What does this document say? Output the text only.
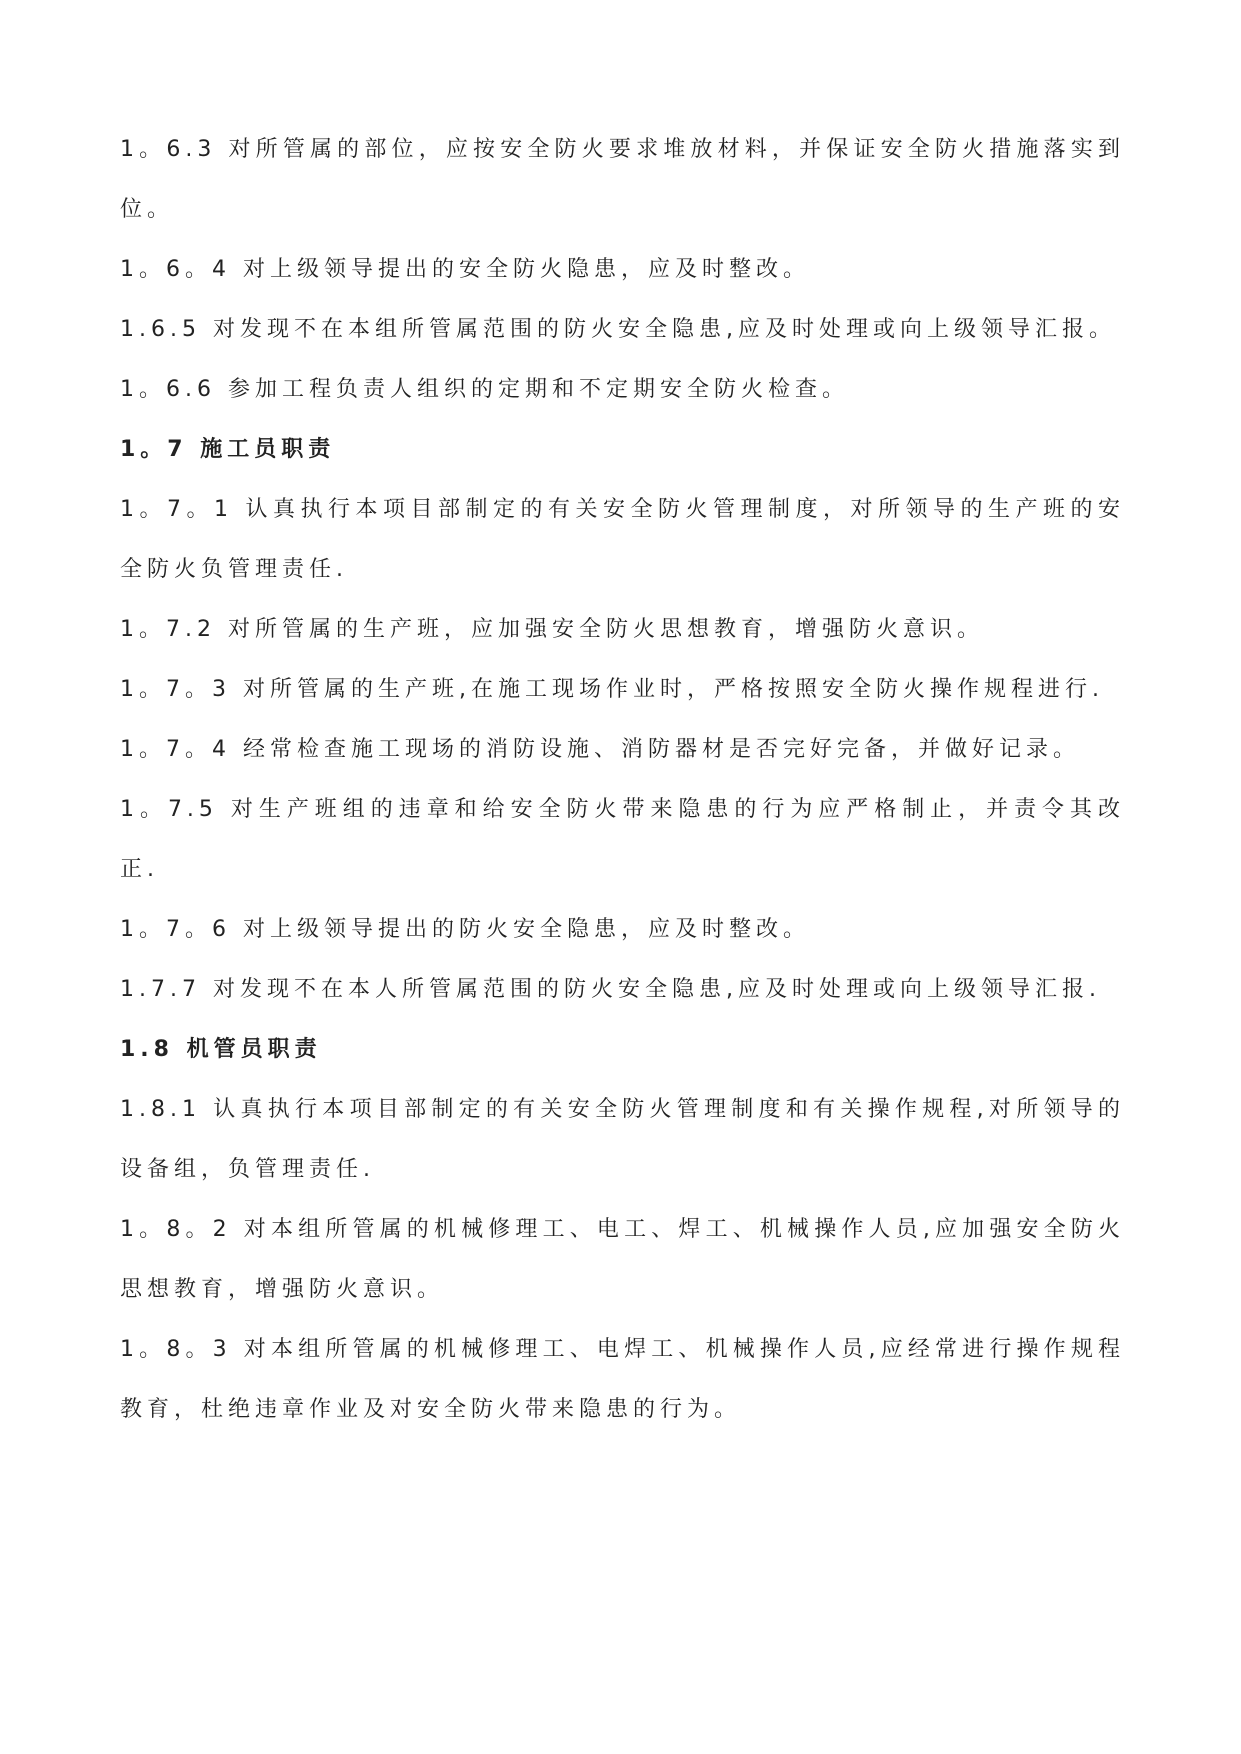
1。6.3 对所管属的部位，应按安全防火要求堆放材料，并保证安全防火措施落实到位。

1。6。4 对上级领导提出的安全防火隐患，应及时整改。

1.6.5 对发现不在本组所管属范围的防火安全隐患,应及时处理或向上级领导汇报。

1。6.6 参加工程负责人组织的定期和不定期安全防火检查。

1。7 施工员职责

1。7。1 认真执行本项目部制定的有关安全防火管理制度，对所领导的生产班的安全防火负管理责任.

1。7.2 对所管属的生产班，应加强安全防火思想教育，增强防火意识。

1。7。3 对所管属的生产班,在施工现场作业时，严格按照安全防火操作规程进行.

1。7。4 经常检查施工现场的消防设施、消防器材是否完好完备，并做好记录。

1。7.5 对生产班组的违章和给安全防火带来隐患的行为应严格制止，并责令其改正.

1。7。6 对上级领导提出的防火安全隐患，应及时整改。

1.7.7 对发现不在本人所管属范围的防火安全隐患,应及时处理或向上级领导汇报.

1.8 机管员职责

1.8.1 认真执行本项目部制定的有关安全防火管理制度和有关操作规程,对所领导的设备组，负管理责任.

1。8。2 对本组所管属的机械修理工、电工、焊工、机械操作人员,应加强安全防火思想教育，增强防火意识。

1。8。3 对本组所管属的机械修理工、电焊工、机械操作人员,应经常进行操作规程教育，杜绝违章作业及对安全防火带来隐患的行为。
